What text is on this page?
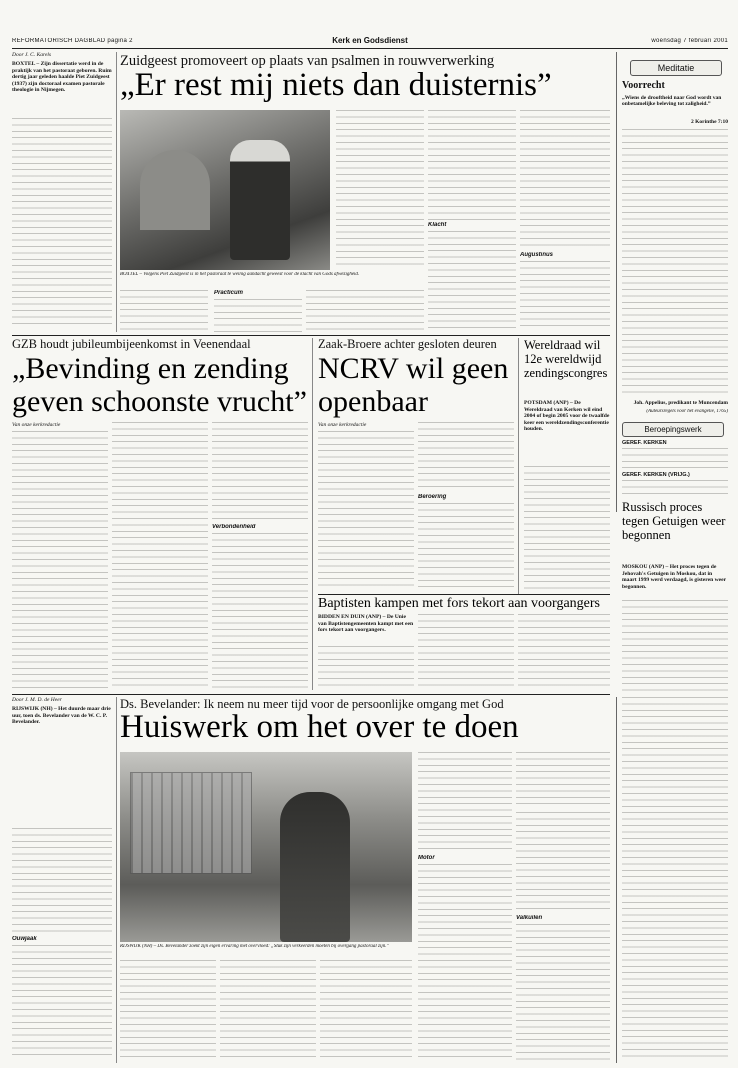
REFORMATORISCH DAGBLAD pagina 2	Kerk en Godsdienst	woensdag 7 februari 2001
Door J. C. Karels
BOXTEL – Zijn dissertatie werd in de praktijk van het pastoraat geboren. Ruim dertig jaar geleden haalde Piet Zuidgeest (1937) zijn doctoraal examen pastorale theologie in Nijmegen.
Zuidgeest promoveert op plaats van psalmen in rouwverwerking
„Er rest mij niets dan duisternis”
BOXTEL – Volgens Piet Zuidgeest is in het pastoraat te weinig aandacht geweest voor de klacht van Gods afwezigheid.
Klacht
Augustinus
Practicum
Meditatie
Voorrecht
„Wiens de drooftheid naar God wordt van onbetamelijke beleving tot zaligheid.”
2 Korinthe 7:10
Joh. Appelius, predikant te Muncendam
(Auteursregels voor het evangelie, 1765)
Beroepingswerk
GEREF. KERKEN
GEREF. KERKEN (VRIJG.)
Russisch proces tegen Getuigen weer begonnen
MOSKOU (ANP) – Het proces tegen de Jehovah's Getuigen in Moskou, dat in maart 1999 werd verdaagd, is gisteren weer begonnen.
GZB houdt jubileumbijeenkomst in Veenendaal
„Bevinding en zending geven schoonste vrucht”
Van onze kerkredactie
Verbondenheid
Zaak-Broere achter gesloten deuren
NCRV wil geen openbaar
Van onze kerkredactie
Beroering
Wereldraad wil 12e wereldwijd zendingscongres
POTSDAM (ANP) – De Wereldraad van Kerken wil eind 2004 of begin 2005 voor de twaalfde keer een wereldzendingsconferentie houden.
Baptisten kampen met fors tekort aan voorgangers
BIDDEN EN DUIN (ANP) – De Unie van Baptistengemeenten kampt met een fors tekort aan voorgangers.
Door J. M. D. de Heer
RIJSWIJK (NH) – Het duurde maar drie uur, toen ds. Bevelander van de W. C. P. Bevelander.
Ouwjaak
Ds. Bevelander: Ik neem nu meer tijd voor de persoonlijke omgang met God
Huiswerk om het over te doen
RIJSWIJK (NH) – Ds. Bevelander zoekt zijn eigen ervaring met overvloed: „Stuk zijn verkeerden moeten bij overgang pastoraal zijn.”
Motor
Valkuilen
